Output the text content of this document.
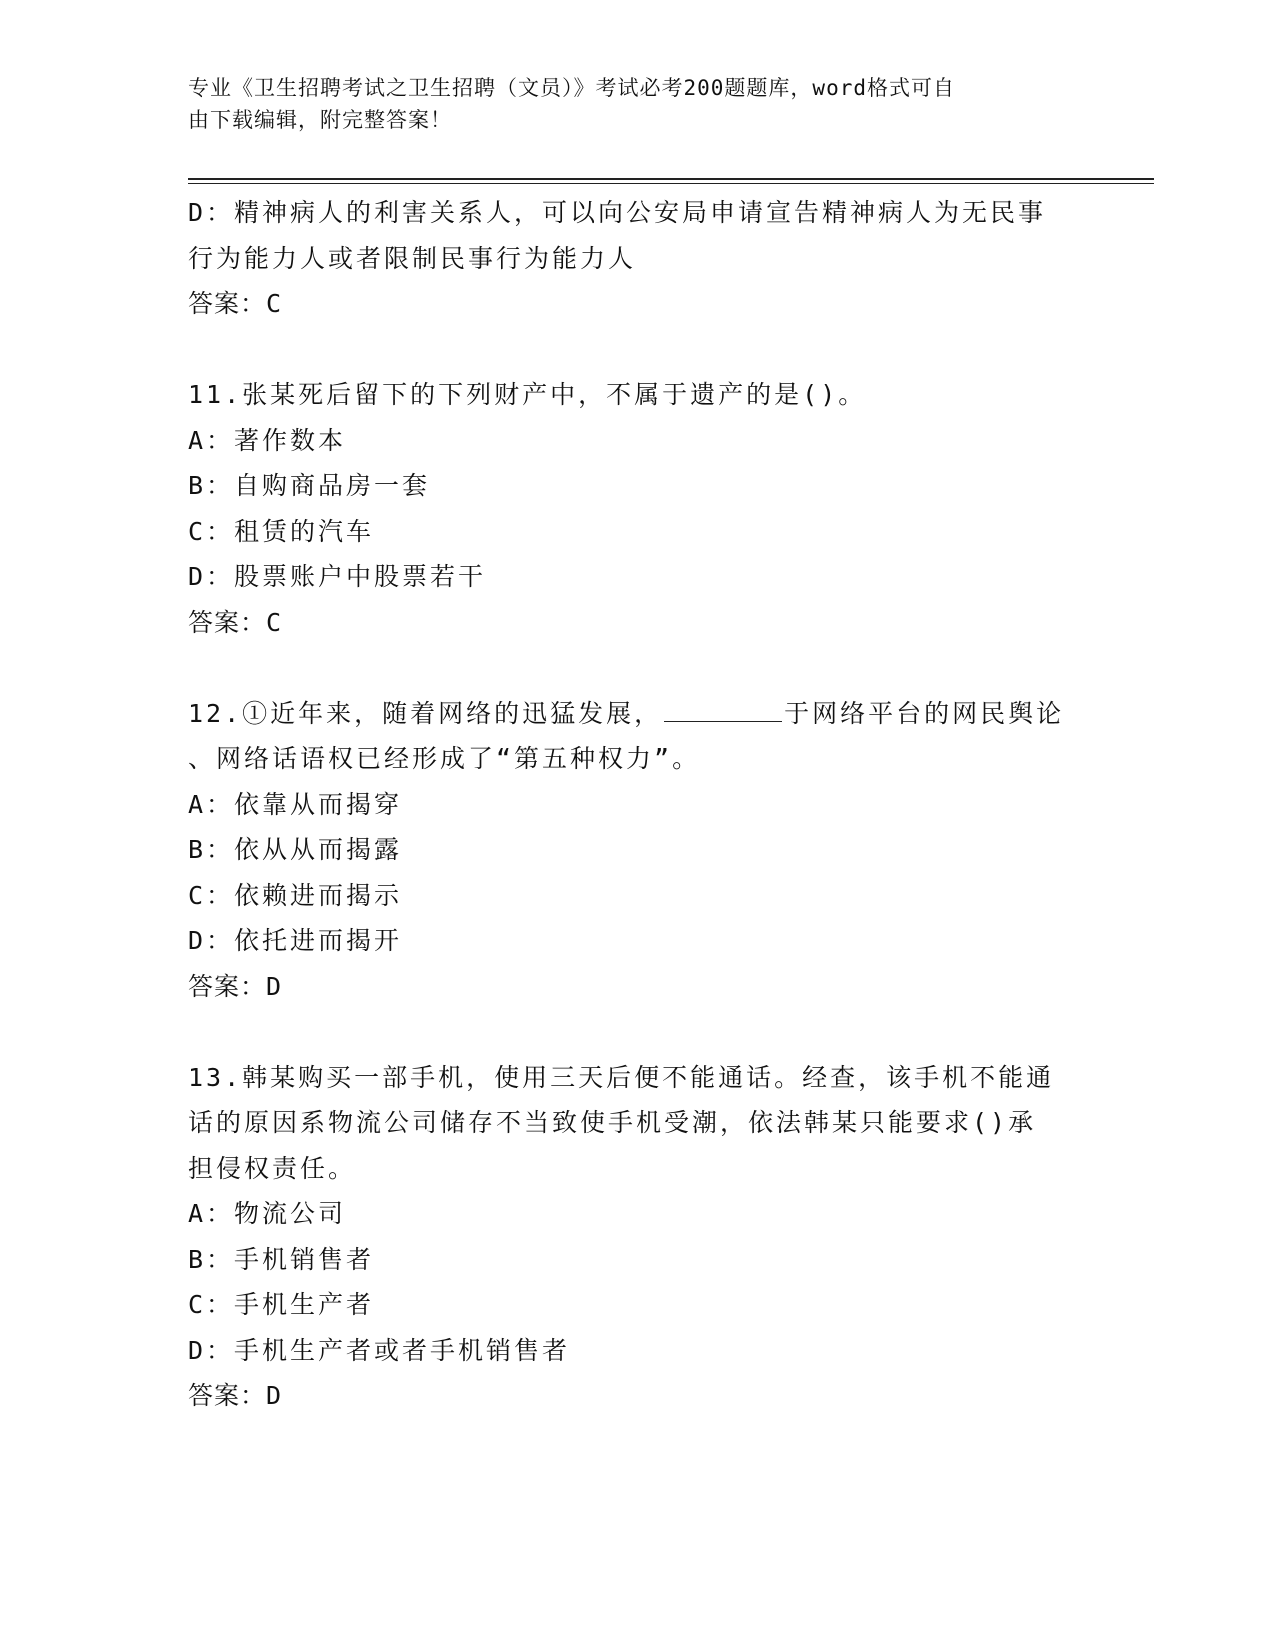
专业《卫生招聘考试之卫生招聘（文员）》考试必考200题题库，word格式可自
由下载编辑，附完整答案！
D：精神病人的利害关系人，可以向公安局申请宣告精神病人为无民事
行为能力人或者限制民事行为能力人
答案：C
11.张某死后留下的下列财产中，不属于遗产的是()。
A：著作数本
B：自购商品房一套
C：租赁的汽车
D：股票账户中股票若干
答案：C
12.①近年来，随着网络的迅猛发展，	于网络平台的网民舆论
、网络话语权已经形成了“第五种权力”。
A：依靠从而揭穿
B：依从从而揭露
C：依赖进而揭示
D：依托进而揭开
答案：D
13.韩某购买一部手机，使用三天后便不能通话。经查，该手机不能通
话的原因系物流公司储存不当致使手机受潮，依法韩某只能要求()承
担侵权责任。
A：物流公司
B：手机销售者
C：手机生产者
D：手机生产者或者手机销售者
答案：D
